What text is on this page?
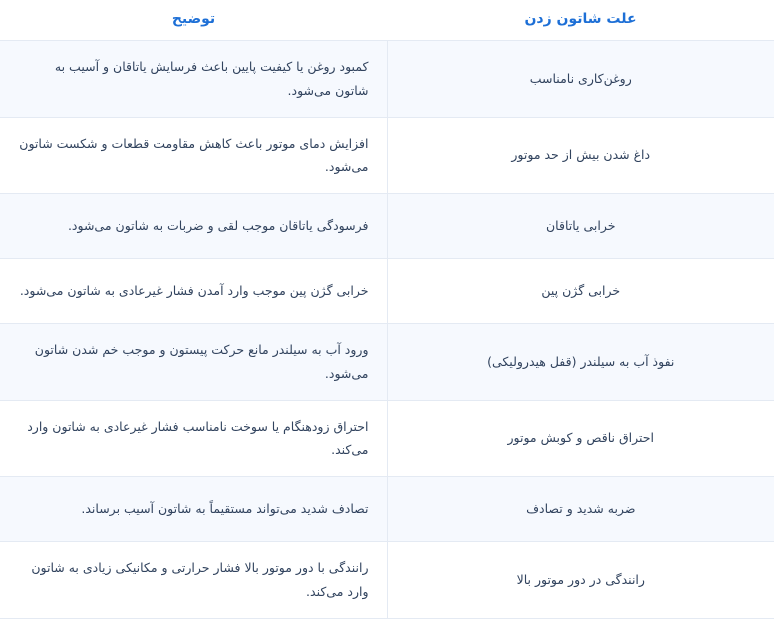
علت شاتون زدن	توضیح
روغن‌کاری نامناسب	کمبود روغن یا کیفیت پایین باعث فرسایش یاتاقان و آسیب به شاتون می‌شود.
داغ شدن بیش از حد موتور	افزایش دمای موتور باعث کاهش مقاومت قطعات و شکست شاتون می‌شود.
خرابی یاتاقان	فرسودگی یاتاقان موجب لقی و ضربات به شاتون می‌شود.
خرابی گژن پین	خرابی گژن پین موجب وارد آمدن فشار غیرعادی به شاتون می‌شود.
نفوذ آب به سیلندر (قفل هیدرولیکی)	ورود آب به سیلندر مانع حرکت پیستون و موجب خم شدن شاتون می‌شود.
احتراق ناقص و کوبش موتور	احتراق زودهنگام یا سوخت نامناسب فشار غیرعادی به شاتون وارد می‌کند.
ضربه شدید و تصادف	تصادف شدید می‌تواند مستقیماً به شاتون آسیب برساند.
رانندگی در دور موتور بالا	رانندگی با دور موتور بالا فشار حرارتی و مکانیکی زیادی به شاتون وارد می‌کند.
